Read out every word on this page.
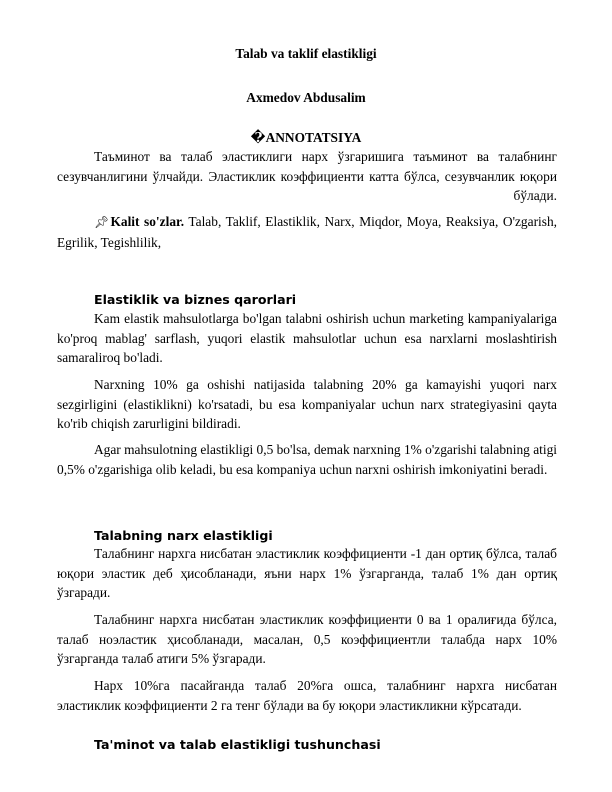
Talab va taklif elastikligi
Axmedov Abdusalim
�ANNOTATSIYA

Таъминот ва талаб эластиклиги нарх ўзгаришига таъминот ва талабнинг сезувчанлигини ўлчайди. Эластиклик коэффициенти катта бўлса, сезувчанлик юқори бўлади.

📌︎Kalit so'zlar. Talab, Taklif, Elastiklik, Narx, Miqdor, Moya, Reaksiya, O'zgarish, Egrilik, Tegishlilik,

Elastiklik va biznes qarorlari

Kam elastik mahsulotlarga bo'lgan talabni oshirish uchun marketing kampaniyalariga ko'proq mablag' sarflash, yuqori elastik mahsulotlar uchun esa narxlarni moslashtirish samaraliroq bo'ladi.

Narxning 10% ga oshishi natijasida talabning 20% ga kamayishi yuqori narx sezgirligini (elastiklikni) ko'rsatadi, bu esa kompaniyalar uchun narx strategiyasini qayta ko'rib chiqish zarurligini bildiradi.

Agar mahsulotning elastikligi 0,5 bo'lsa, demak narxning 1% o'zgarishi talabning atigi 0,5% o'zgarishiga olib keladi, bu esa kompaniya uchun narxni oshirish imkoniyatini beradi.

Talabning narx elastikligi

Талабнинг нархга нисбатан эластиклик коэффициенти -1 дан ортиқ бўлса, талаб юқори эластик деб ҳисобланади, яъни нарх 1% ўзгарганда, талаб 1% дан ортиқ ўзгаради.

Талабнинг нархга нисбатан эластиклик коэффициенти 0 ва 1 оралиғида бўлса, талаб ноэластик ҳисобланади, масалан, 0,5 коэффициентли талабда нарх 10% ўзгарганда талаб атиги 5% ўзгаради.

Нарх 10%га пасайганда талаб 20%га ошса, талабнинг нархга нисбатан эластиклик коэффициенти 2 га тенг бўлади ва бу юқори эластикликни кўрсатади.

Ta'minot va talab elastikligi tushunchasi
